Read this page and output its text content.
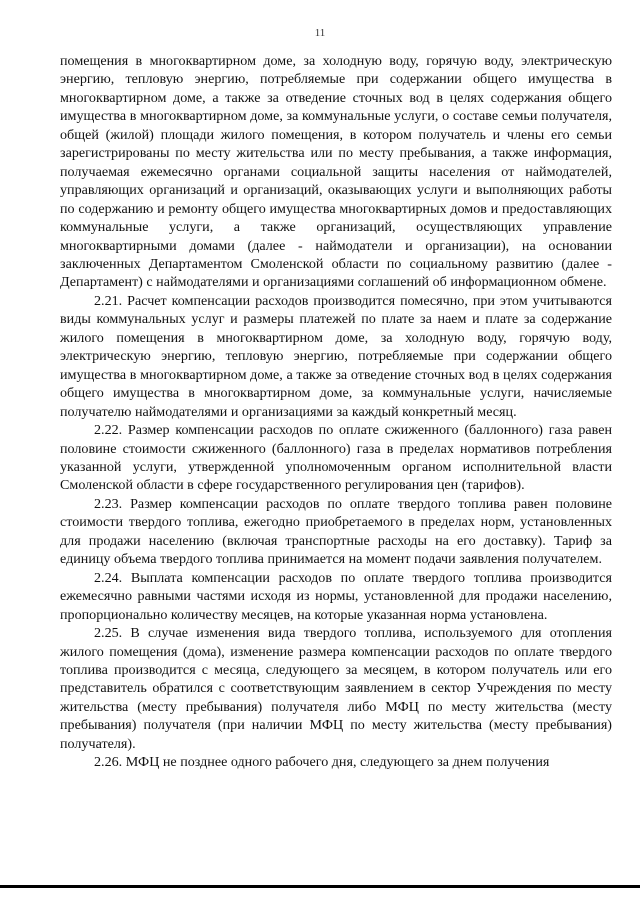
11

помещения в многоквартирном доме, за холодную воду, горячую воду, электрическую энергию, тепловую энергию, потребляемые при содержании общего имущества в многоквартирном доме, а также за отведение сточных вод в целях содержания общего имущества в многоквартирном доме, за коммунальные услуги, о составе семьи получателя, общей (жилой) площади жилого помещения, в котором получатель и члены его семьи зарегистрированы по месту жительства или по месту пребывания, а также информация, получаемая ежемесячно органами социальной защиты населения от наймодателей, управляющих организаций и организаций, оказывающих услуги и выполняющих работы по содержанию и ремонту общего имущества многоквартирных домов и предоставляющих коммунальные услуги, а также организаций, осуществляющих управление многоквартирными домами (далее - наймодатели и организации), на основании заключенных Департаментом Смоленской области по социальному развитию (далее - Департамент) с наймодателями и организациями соглашений об информационном обмене.

2.21. Расчет компенсации расходов производится помесячно, при этом учитываются виды коммунальных услуг и размеры платежей по плате за наем и плате за содержание жилого помещения в многоквартирном доме, за холодную воду, горячую воду, электрическую энергию, тепловую энергию, потребляемые при содержании общего имущества в многоквартирном доме, а также за отведение сточных вод в целях содержания общего имущества в многоквартирном доме, за коммунальные услуги, начисляемые получателю наймодателями и организациями за каждый конкретный месяц.

2.22. Размер компенсации расходов по оплате сжиженного (баллонного) газа равен половине стоимости сжиженного (баллонного) газа в пределах нормативов потребления указанной услуги, утвержденной уполномоченным органом исполнительной власти Смоленской области в сфере государственного регулирования цен (тарифов).

2.23. Размер компенсации расходов по оплате твердого топлива равен половине стоимости твердого топлива, ежегодно приобретаемого в пределах норм, установленных для продажи населению (включая транспортные расходы на его доставку). Тариф за единицу объема твердого топлива принимается на момент подачи заявления получателем.

2.24. Выплата компенсации расходов по оплате твердого топлива производится ежемесячно равными частями исходя из нормы, установленной для продажи населению, пропорционально количеству месяцев, на которые указанная норма установлена.

2.25. В случае изменения вида твердого топлива, используемого для отопления жилого помещения (дома), изменение размера компенсации расходов по оплате твердого топлива производится с месяца, следующего за месяцем, в котором получатель или его представитель обратился с соответствующим заявлением в сектор Учреждения по месту жительства (месту пребывания) получателя либо МФЦ по месту жительства (месту пребывания) получателя (при наличии МФЦ по месту жительства (месту пребывания) получателя).

2.26. МФЦ не позднее одного рабочего дня, следующего за днем получения
